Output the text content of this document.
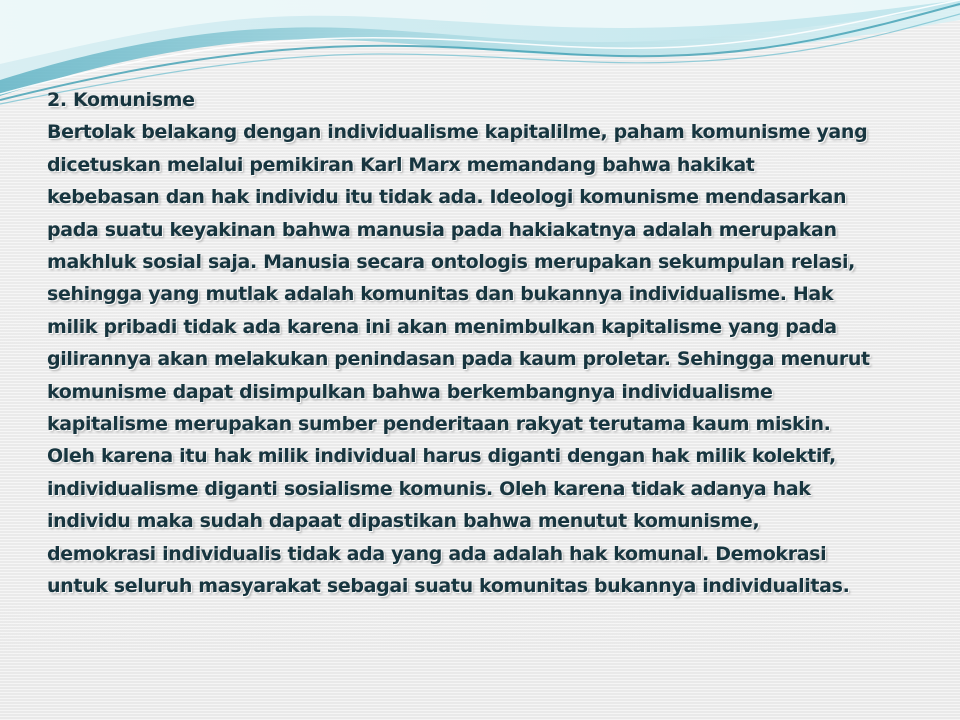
2. Komunisme
Bertolak belakang dengan individualisme kapitalilme, paham komunisme yang
dicetuskan melalui pemikiran Karl Marx memandang bahwa hakikat
kebebasan dan hak individu itu tidak ada. Ideologi komunisme mendasarkan
pada suatu keyakinan bahwa manusia pada hakiakatnya adalah merupakan
makhluk sosial saja. Manusia secara ontologis merupakan sekumpulan relasi,
sehingga yang mutlak adalah komunitas dan bukannya individualisme. Hak
milik pribadi tidak ada karena ini akan menimbulkan kapitalisme yang pada
gilirannya akan melakukan penindasan pada kaum proletar. Sehingga menurut
komunisme dapat disimpulkan bahwa berkembangnya individualisme
kapitalisme merupakan sumber penderitaan rakyat terutama kaum miskin.
Oleh karena itu hak milik individual harus diganti dengan hak milik kolektif,
individualisme diganti sosialisme komunis. Oleh karena tidak adanya hak
individu maka sudah dapaat dipastikan bahwa menutut komunisme,
demokrasi individualis tidak ada yang ada adalah hak komunal. Demokrasi
untuk seluruh masyarakat sebagai suatu komunitas bukannya individualitas.
